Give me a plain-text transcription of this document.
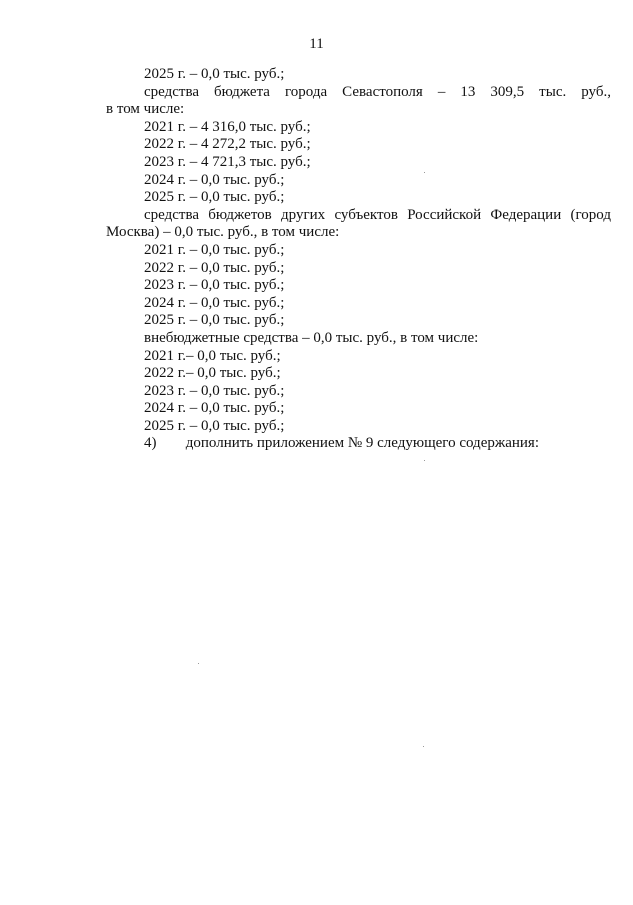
11
2025 г. – 0,0 тыс. руб.;
средства бюджета города Севастополя – 13 309,5 тыс. руб.,
в том числе:
2021 г. – 4 316,0 тыс. руб.;
2022 г. – 4 272,2 тыс. руб.;
2023 г. – 4 721,3 тыс. руб.;
2024 г. – 0,0 тыс. руб.;
2025 г. – 0,0 тыс. руб.;
средства бюджетов других субъектов Российской Федерации (город
Москва) – 0,0 тыс. руб., в том числе:
2021 г. – 0,0 тыс. руб.;
2022 г. – 0,0 тыс. руб.;
2023 г. – 0,0 тыс. руб.;
2024 г. – 0,0 тыс. руб.;
2025 г. – 0,0 тыс. руб.;
внебюджетные средства – 0,0 тыс. руб., в том числе:
2021 г.– 0,0 тыс. руб.;
2022 г.– 0,0 тыс. руб.;
2023 г. – 0,0 тыс. руб.;
2024 г. – 0,0 тыс. руб.;
2025 г. – 0,0 тыс. руб.;
4) дополнить приложением № 9 следующего содержания:
